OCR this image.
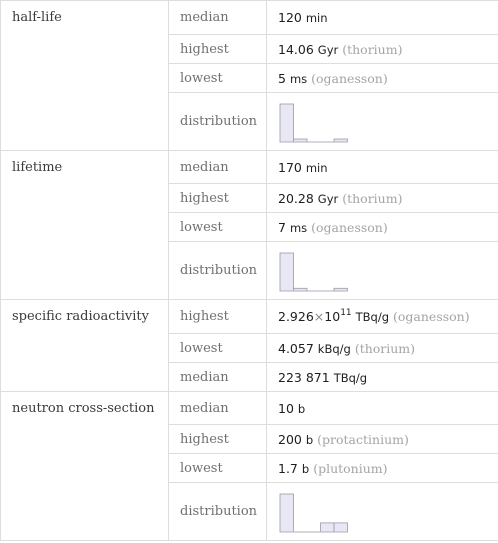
half-life	median	120 min
	highest	14.06 Gyr (thorium)
	lowest	5 ms (oganesson)
	distribution	

lifetime	median	170 min
	highest	20.28 Gyr (thorium)
	lowest	7 ms (oganesson)
	distribution	

specific radioactivity	highest	$2.926\times 10^{11}$ TBq/g (oganesson)
	lowest	4.057 kBq/g (thorium)
	median	223 871 TBq/g
neutron cross-section	median	10 b
	highest	200 b (protactinium)
	lowest	1.7 b (plutonium)
	distribution	
